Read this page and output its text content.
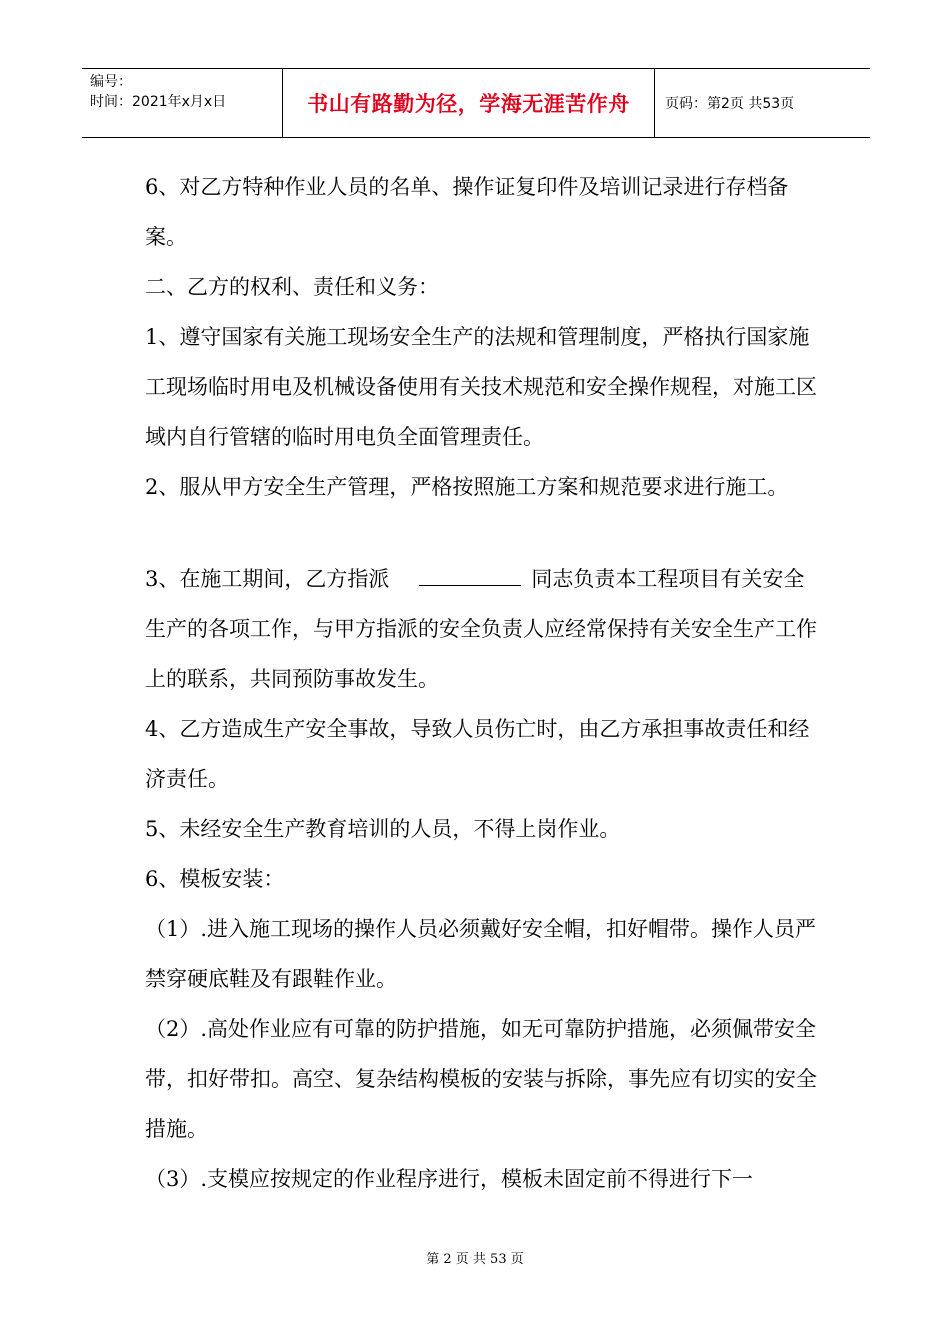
编号：
时间：2021年x月x日	书山有路勤为径，学海无涯苦作舟	页码：第2页 共53页

6、对乙方特种作业人员的名单、操作证复印件及培训记录进行存档备案。

二、乙方的权利、责任和义务：

1、遵守国家有关施工现场安全生产的法规和管理制度，严格执行国家施工现场临时用电及机械设备使用有关技术规范和安全操作规程，对施工区域内自行管辖的临时用电负全面管理责任。

2、服从甲方安全生产管理，严格按照施工方案和规范要求进行施工。

3、在施工期间，乙方指派	同志负责本工程项目有关安全生产的各项工作，与甲方指派的安全负责人应经常保持有关安全生产工作上的联系，共同预防事故发生。

4、乙方造成生产安全事故，导致人员伤亡时，由乙方承担事故责任和经济责任。

5、未经安全生产教育培训的人员，不得上岗作业。

6、模板安装：

（1）.进入施工现场的操作人员必须戴好安全帽，扣好帽带。操作人员严禁穿硬底鞋及有跟鞋作业。

（2）.高处作业应有可靠的防护措施，如无可靠防护措施，必须佩带安全带，扣好带扣。高空、复杂结构模板的安装与拆除，事先应有切实的安全措施。

（3）.支模应按规定的作业程序进行，模板未固定前不得进行下一

第 2 页 共 53 页
